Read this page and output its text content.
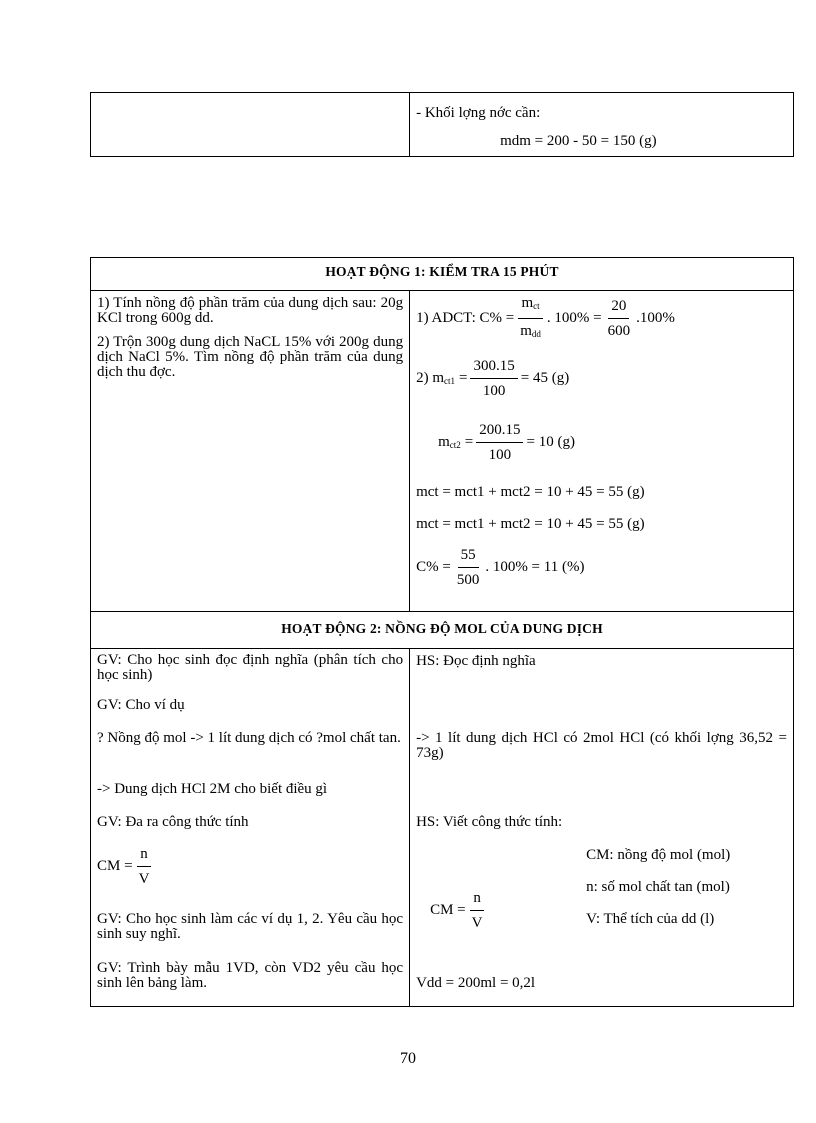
- Khối lợng nớc cần:

mdm = 200 - 50 = 150 (g)

HOẠT ĐỘNG 1: KIỂM TRA 15 PHÚT

1) Tính nồng độ phần trăm của dung dịch sau: 20g KCl trong 600g dd.

2) Trộn 300g dung dịch NaCL 15% với 200g dung dịch NaCl 5%. Tìm nồng độ phần trăm của dung dịch thu đợc.

1) ADCT: $C\% = \frac{m_{ct}}{m_{dd}}$ . $100\% = \frac{20}{600} .100\%$
2) $m_{ct1} = \frac{300.15}{100} = 45$ (g)
$m_{ct2} = \frac{200.15}{100} = 10$ (g)

mct = mct1 + mct2 = 10 + 45 = 55 (g)

mct = mct1 + mct2 = 10 + 45 = 55 (g)

$C\% = \frac{55}{500}$ . 100% = 11 (%)
HOẠT ĐỘNG 2: NỒNG ĐỘ MOL CỦA DUNG DỊCH

GV: Cho học sinh đọc định nghĩa (phân tích cho học sinh)

GV: Cho ví dụ

? Nồng độ mol -> 1 lít dung dịch có ?mol chất tan.

-> Dung dịch HCl 2M cho biết điều gì

GV: Đa ra công thức tính

CM = $\frac{n}{V}$

GV: Cho học sinh làm các ví dụ 1, 2. Yêu cầu học sinh suy nghĩ.

GV: Trình bày mẫu 1VD, còn VD2 yêu cầu học sinh lên bảng làm.

HS: Đọc định nghĩa

-> 1 lít dung dịch HCl có 2mol HCl (có khối lợng 36,52 = 73g)

HS: Viết công thức tính:

CM: nồng độ mol (mol)

n: số mol chất tan (mol)

CM = $\frac{n}{V}$	V: Thể tích của dd (l)

Vdd = 200ml = 0,2l

70
